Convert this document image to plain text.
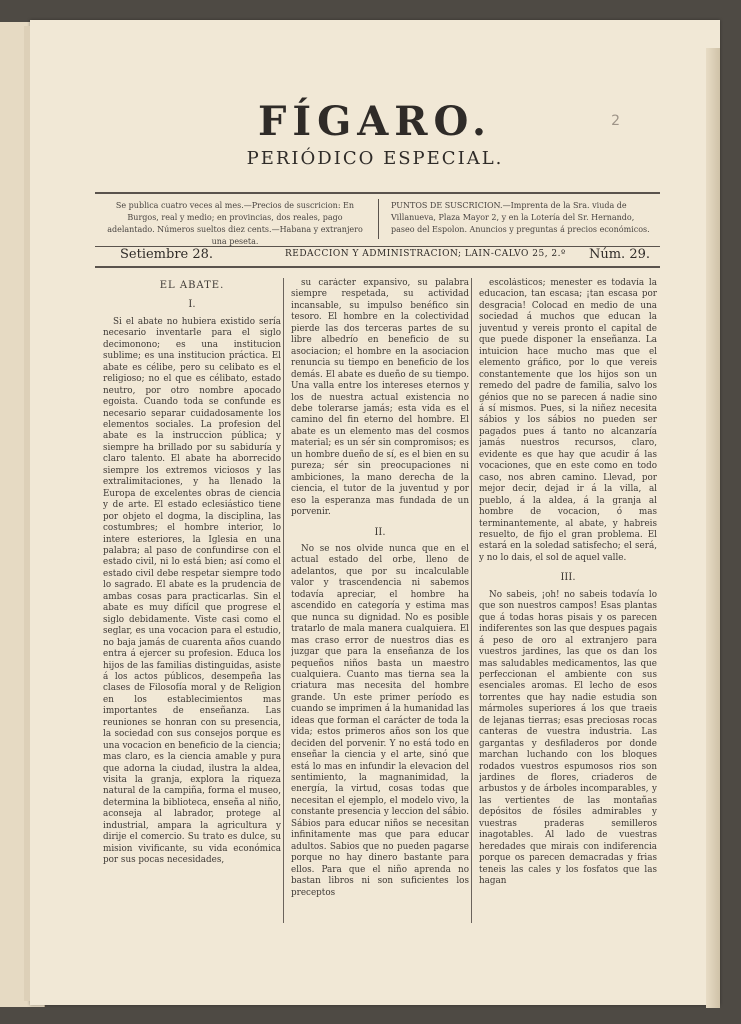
2
FÍGARO.
PERIÓDICO ESPECIAL.
Se publica cuatro veces al mes.—Precios de suscricion: En Burgos, real y medio; en provincias, dos reales, pago adelantado. Números sueltos diez cents.—Habana y extranjero una peseta.
PUNTOS DE SUSCRICION.—Imprenta de la Sra. viuda de Villanueva, Plaza Mayor 2, y en la Lotería del Sr. Hernando, paseo del Espolon. Anuncios y preguntas á precios económicos.
Setiembre 28.	REDACCION Y ADMINISTRACION; LAIN-CALVO 25, 2.º Núm. 29.
EL ABATE.
I.

Si el abate no hubiera existido sería necesario inventarle para el siglo decimonono; es una institucion sublime; es una institucion práctica. El abate es célibe, pero su celibato es el religioso; no el que es célibato, estado neutro, por otro nombre apocado egoista. Cuando toda se confunde es necesario separar cuidadosamente los elementos sociales. La profesion del abate es la instruccion pública; y siempre ha brillado por su sabiduría y claro talento. El abate ha aborrecido siempre los extremos viciosos y las extralimitaciones, y ha llenado la Europa de excelentes obras de ciencia y de arte. El estado eclesiástico tiene por objeto el dogma, la disciplina, las costumbres; el hombre interior, lo intere esteriores, la Iglesia en una palabra; al paso de confundirse con el estado civil, ni lo está bien; así como el estado civil debe respetar siempre todo lo sagrado. El abate es la prudencia de ambas cosas para practicarlas. Sin el abate es muy difícil que progrese el siglo debidamente. Viste casi como el seglar, es una vocacion para el estudio, no baja jamás de cuarenta años cuando entra á ejercer su profesion. Educa los hijos de las familias distinguidas, asiste á los actos públicos, desempeña las clases de Filosofía moral y de Religion en los establecimientos mas importantes de enseñanza. Las reuniones se honran con su presencia, la sociedad con sus consejos porque es una vocacion en beneficio de la ciencia; mas claro, es la ciencia amable y pura que adorna la ciudad, ilustra la aldea, visita la granja, explora la riqueza natural de la campiña, forma el museo, determina la biblioteca, enseña al niño, aconseja al labrador, protege al industrial, ampara la agricultura y dirije el comercio. Su trato es dulce, su mision vivificante, su vida económica por sus pocas necesidades,

su carácter expansivo, su palabra siempre respetada, su actividad incansable, su impulso benéfico sin tesoro. El hombre en la colectividad pierde las dos terceras partes de su libre albedrío en beneficio de su asociacion; el hombre en la asociacion renuncia su tiempo en beneficio de los demás. El abate es dueño de su tiempo. Una valla entre los intereses eternos y los de nuestra actual existencia no debe tolerarse jamás; esta vida es el camino del fin eterno del hombre. El abate es un elemento mas del cosmos material; es un sér sin compromisos; es un hombre dueño de sí, es el bien en su pureza; sér sin preocupaciones ni ambiciones, la mano derecha de la ciencia, el tutor de la juventud y por eso la esperanza mas fundada de un porvenir.

II.

No se nos olvide nunca que en el actual estado del orbe, lleno de adelantos, que por su incalculable valor y trascendencia ni sabemos todavía apreciar, el hombre ha ascendido en categoría y estima mas que nunca su dignidad. No es posible tratarlo de mala manera cualquiera. El mas craso error de nuestros dias es juzgar que para la enseñanza de los pequeños niños basta un maestro cualquiera. Cuanto mas tierna sea la criatura mas necesita del hombre grande. Un este primer período es cuando se imprimen á la humanidad las ideas que forman el carácter de toda la vida; estos primeros años son los que deciden del porvenir. Y no está todo en enseñar la ciencia y el arte, sinó que está lo mas en infundir la elevacion del sentimiento, la magnanimidad, la energía, la virtud, cosas todas que necesitan el ejemplo, el modelo vivo, la constante presencia y leccion del sábio. Sábios para educar niños se necesitan infinitamente mas que para educar adultos. Sabios que no pueden pagarse porque no hay dinero bastante para ellos. Para que el niño aprenda no bastan libros ni son suficientes los preceptos

escolásticos; menester es todavía la educacion, tan escasa; ¡tan escasa por desgracia! Colocad en medio de una sociedad á muchos que educan la juventud y vereis pronto el capital de que puede disponer la enseñanza. La intuicion hace mucho mas que el elemento gráfico, por lo que vereis constantemente que los hijos son un remedo del padre de familia, salvo los génios que no se parecen á nadie sino á sí mismos. Pues, si la niñez necesita sábios y los sábios no pueden ser pagados pues á tanto no alcanzaría jamás nuestros recursos, claro, evidente es que hay que acudir á las vocaciones, que en este como en todo caso, nos abren camino. Llevad, por mejor decir, dejad ir á la villa, al pueblo, á la aldea, á la granja al hombre de vocacion, ó mas terminantemente, al abate, y habreis resuelto, de fijo el gran problema. El estará en la soledad satisfecho; el será, y no lo dais, el sol de aquel valle.

III.

No sabeis, ¡oh! no sabeis todavía lo que son nuestros campos! Esas plantas que á todas horas pisais y os parecen indiferentes son las que despues pagais á peso de oro al extranjero para vuestros jardines, las que os dan los mas saludables medicamentos, las que perfeccionan el ambiente con sus esenciales aromas. El lecho de esos torrentes que hay nadie estudia son mármoles superiores á los que traeis de lejanas tierras; esas preciosas rocas canteras de vuestra industria. Las gargantas y desfiladeros por donde marchan luchando con los bloques rodados vuestros espumosos rios son jardines de flores, criaderos de arbustos y de árboles incomparables, y las vertientes de las montañas depósitos de fósiles admirables y vuestras praderas semilleros inagotables. Al lado de vuestras heredades que mirais con indiferencia porque os parecen demacradas y frias teneis las cales y los fosfatos que las hagan
